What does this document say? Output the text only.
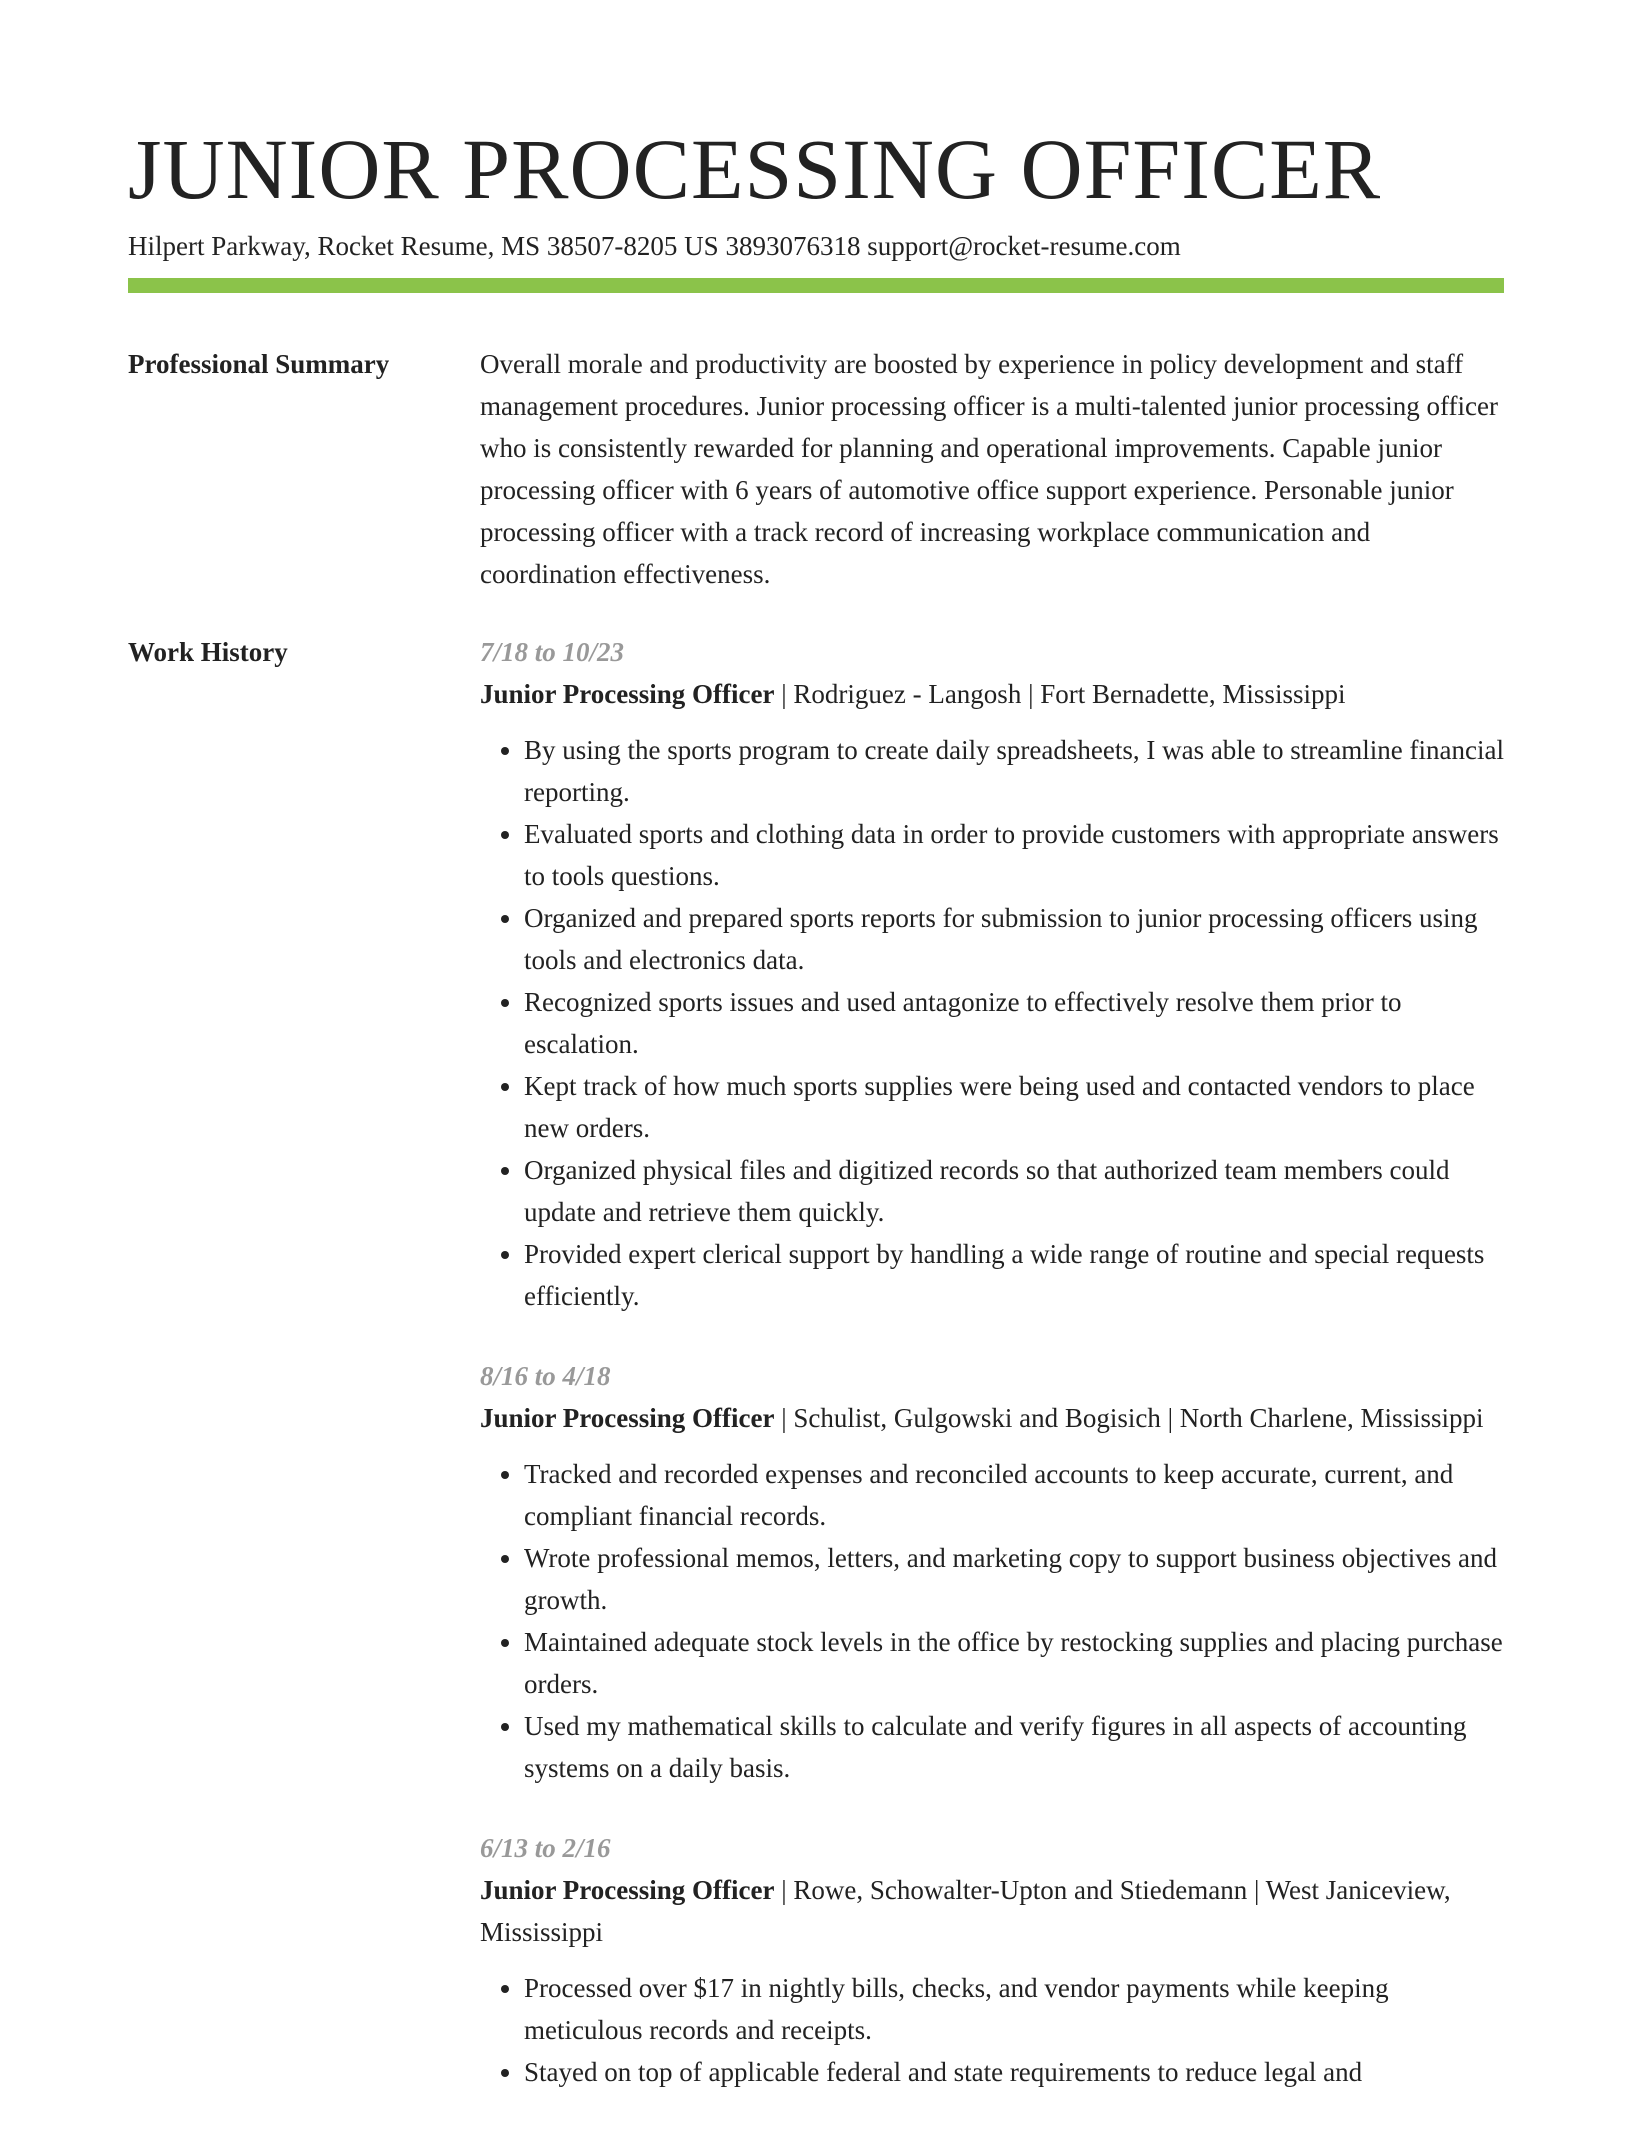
JUNIOR PROCESSING OFFICER
Hilpert Parkway, Rocket Resume, MS 38507-8205 US 3893076318 support@rocket-resume.com
Professional Summary	Overall morale and productivity are boosted by experience in policy development and staff management procedures. Junior processing officer is a multi-talented junior processing officer who is consistently rewarded for planning and operational improvements. Capable junior processing officer with 6 years of automotive office support experience. Personable junior processing officer with a track record of increasing workplace communication and coordination effectiveness.

Work History	7/18 to 10/23
Junior Processing Officer | Rodriguez - Langosh | Fort Bernadette, Mississippi
• By using the sports program to create daily spreadsheets, I was able to streamline financial reporting.
• Evaluated sports and clothing data in order to provide customers with appropriate answers to tools questions.
• Organized and prepared sports reports for submission to junior processing officers using tools and electronics data.
• Recognized sports issues and used antagonize to effectively resolve them prior to escalation.
• Kept track of how much sports supplies were being used and contacted vendors to place new orders.
• Organized physical files and digitized records so that authorized team members could update and retrieve them quickly.
• Provided expert clerical support by handling a wide range of routine and special requests efficiently.
8/16 to 4/18
Junior Processing Officer | Schulist, Gulgowski and Bogisich | North Charlene, Mississippi
• Tracked and recorded expenses and reconciled accounts to keep accurate, current, and compliant financial records.
• Wrote professional memos, letters, and marketing copy to support business objectives and growth.
• Maintained adequate stock levels in the office by restocking supplies and placing purchase orders.
• Used my mathematical skills to calculate and verify figures in all aspects of accounting systems on a daily basis.
6/13 to 2/16
Junior Processing Officer | Rowe, Schowalter-Upton and Stiedemann | West Janiceview, Mississippi
• Processed over $17 in nightly bills, checks, and vendor payments while keeping meticulous records and receipts.
• Stayed on top of applicable federal and state requirements to reduce legal and
